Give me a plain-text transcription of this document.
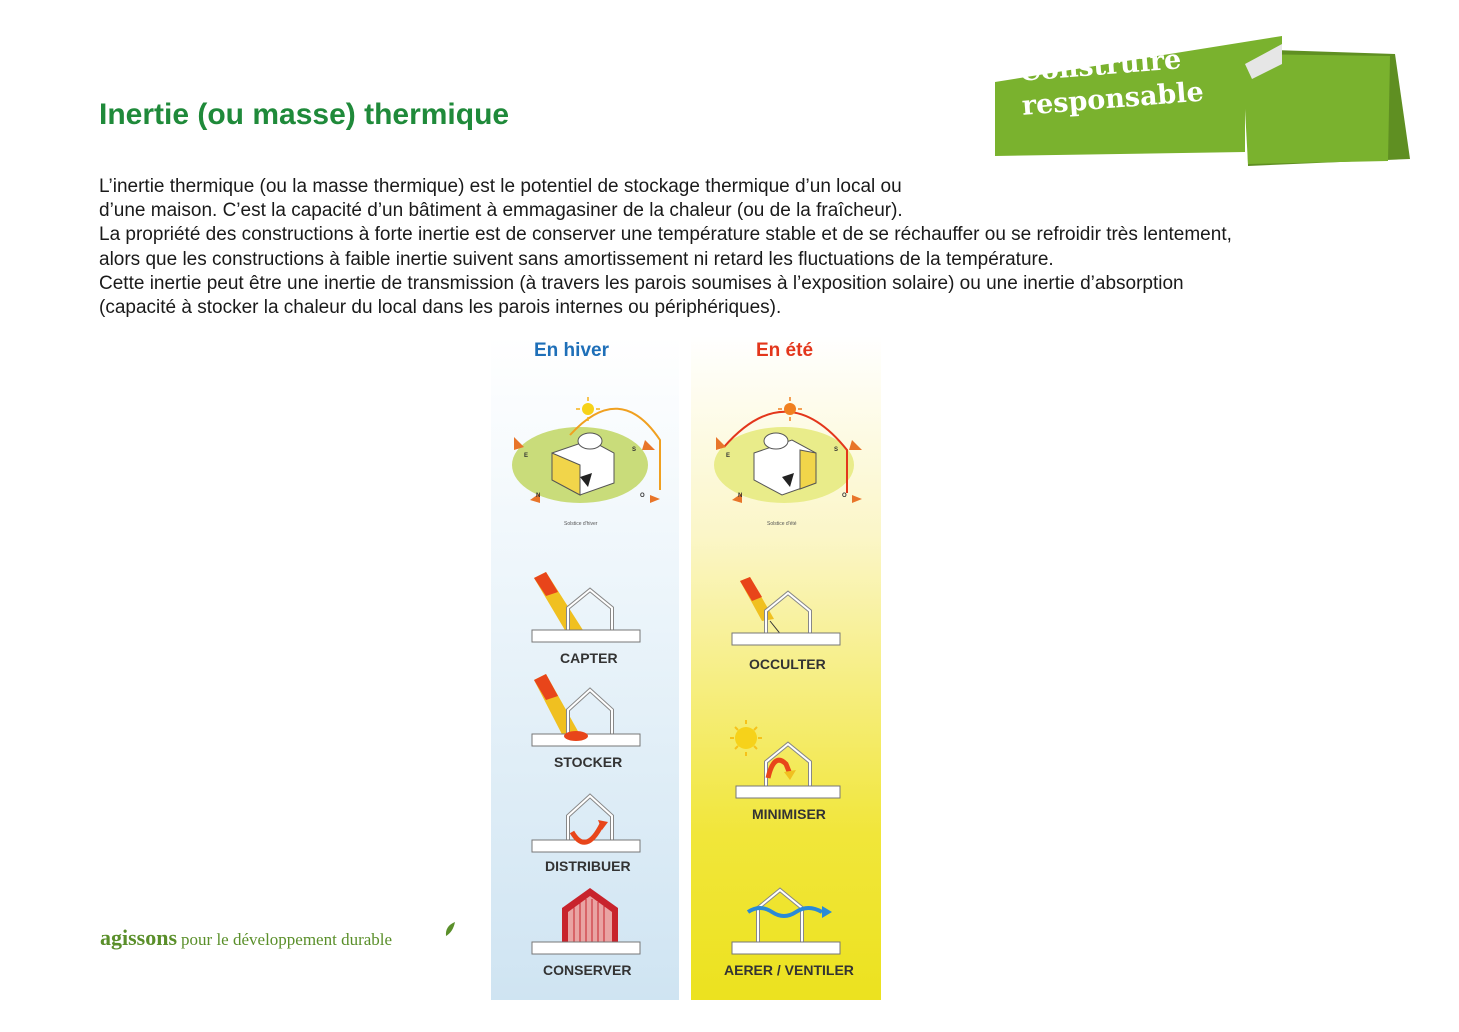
Construire
responsable
Inertie (ou masse) thermique
L’inertie thermique (ou la masse thermique) est le potentiel de stockage thermique d’un local ou
d’une maison. C’est la capacité d’un bâtiment à emmagasiner de la chaleur (ou de la fraîcheur).
La propriété des constructions à forte inertie est de conserver une température stable et de se réchauffer ou se refroidir très lentement,
alors que les constructions à faible inertie suivent sans amortissement ni retard les fluctuations de la température.
Cette inertie peut être une inertie de transmission (à travers les parois soumises à l’exposition solaire) ou une inertie d’absorption
(capacité à stocker la chaleur du local dans les parois internes ou périphériques).
En hiver	En été
E
S
N	O
Solstice d'hiver
E
S
N	O
Solstice d'été
CAPTER
STOCKER
DISTRIBUER
CONSERVER
OCCULTER
MINIMISER
AERER / VENTILER
agissons pour le développement durable
